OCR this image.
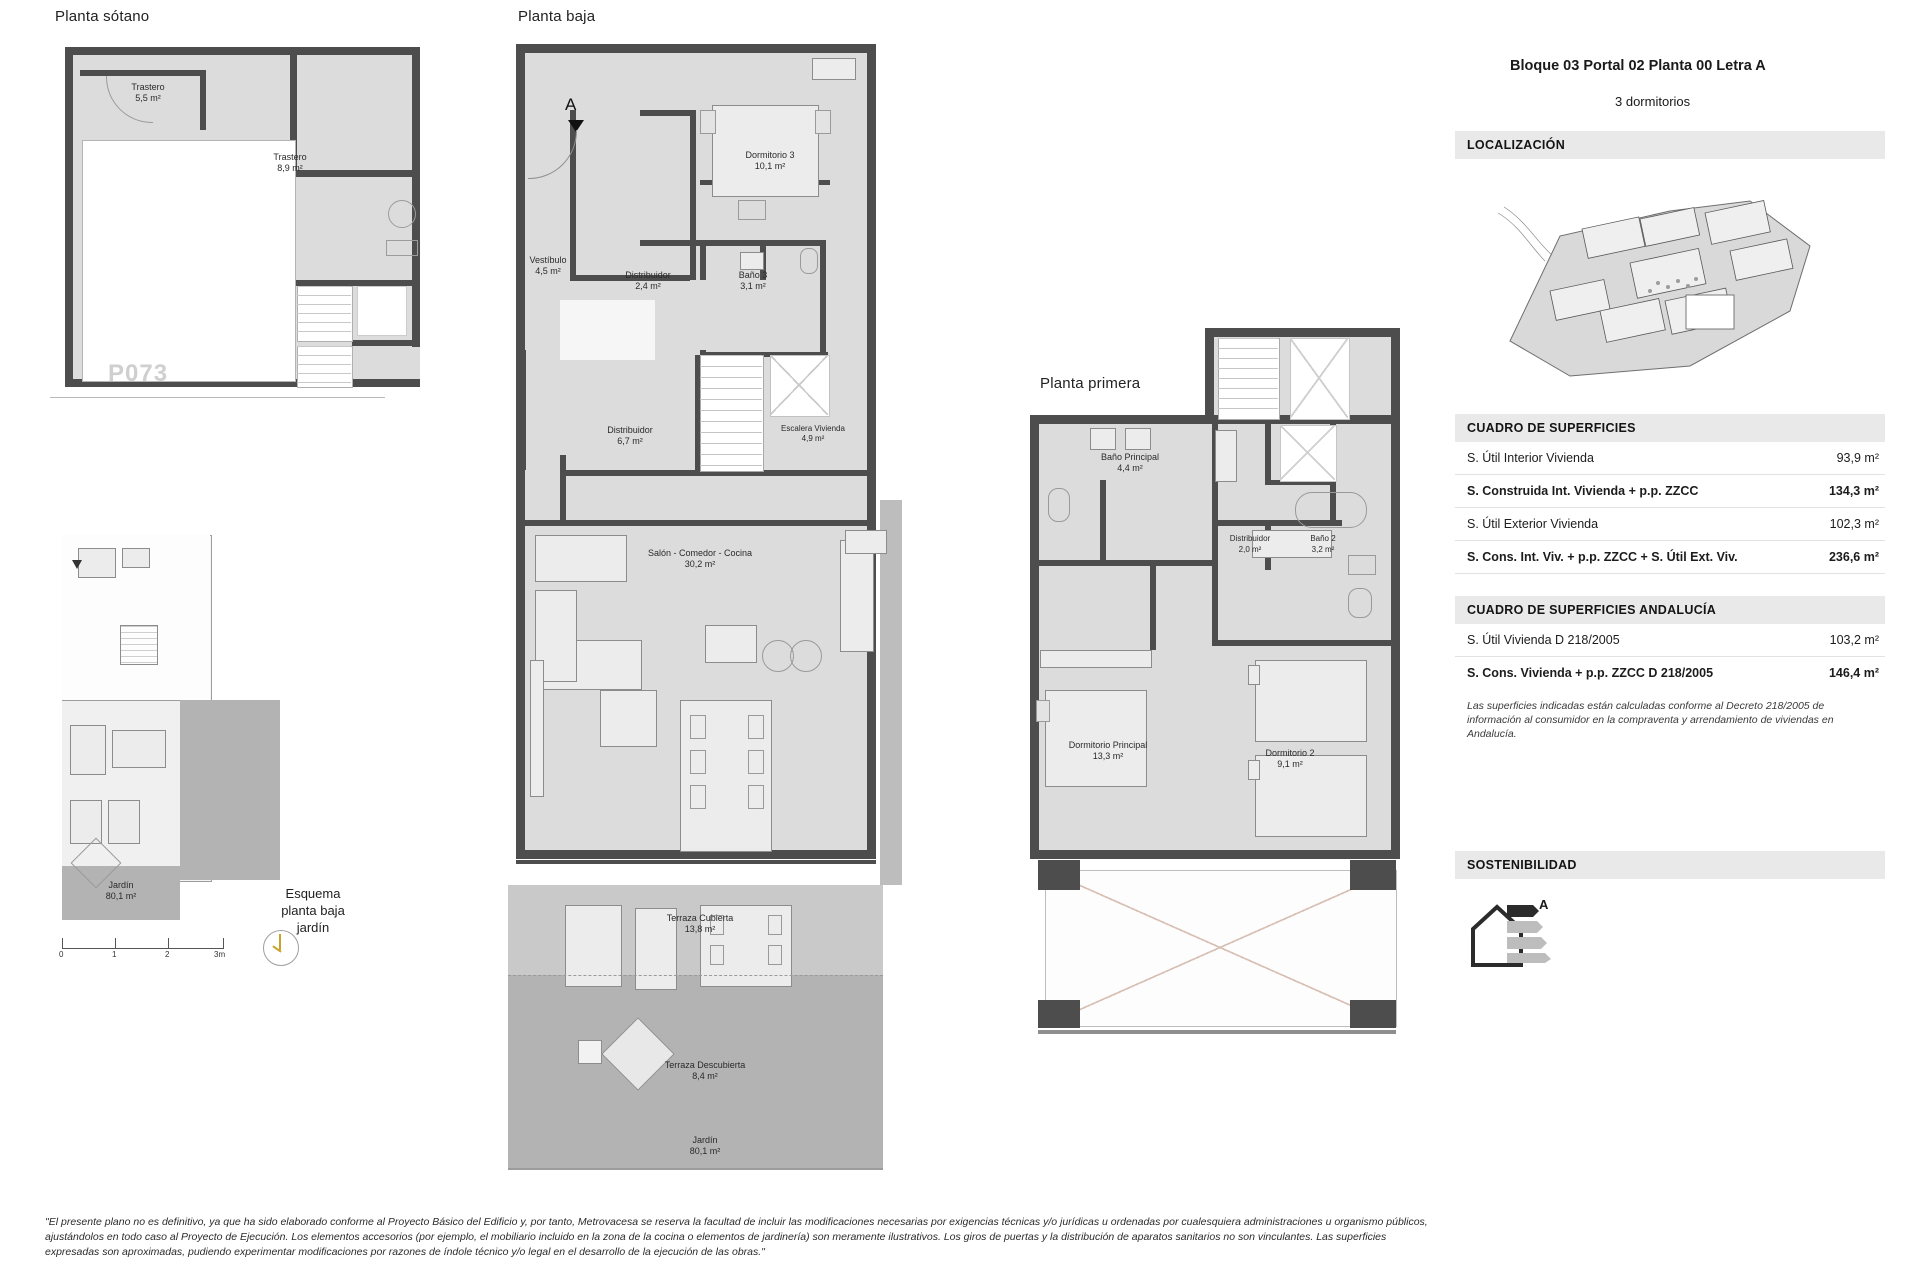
Planta sótano
P073
Trastero
5,5 m²
Trastero
8,9 m²
Jardín
80,1 m²	Esquema
planta baja
jardín
0	1	2	3m
Planta baja
A
Dormitorio 3
10,1 m²
Vestíbulo
4,5 m²	Distribuidor
2,4 m²
Baño 3
3,1 m²
Distribuidor
6,7 m²
Escalera Vivienda
4,9 m²
Salón - Comedor - Cocina
30,2 m²
Terraza Cubierta
13,8 m²
Terraza Descubierta
8,4 m²
Jardín
80,1 m²
Planta primera
Baño Principal
4,4 m²
Distribuidor
2,0 m²
Baño 2
3,2 m²
Dormitorio Principal
13,3 m²	Dormitorio 2
9,1 m²
Bloque 03 Portal 02 Planta 00 Letra A
3 dormitorios
LOCALIZACIÓN
CUADRO DE SUPERFICIES
S. Útil Interior Vivienda	93,9 m²
S. Construida Int. Vivienda + p.p. ZZCC	134,3 m²
S. Útil Exterior Vivienda	102,3 m²
S. Cons. Int. Viv. + p.p. ZZCC + S. Útil Ext. Viv.	236,6 m²
CUADRO DE SUPERFICIES ANDALUCÍA
S. Útil Vivienda D 218/2005	103,2 m²
S. Cons. Vivienda + p.p. ZZCC D 218/2005	146,4 m²
Las superficies indicadas están calculadas conforme al Decreto 218/2005 de información al consumidor en la compraventa y arrendamiento de viviendas en Andalucía.
SOSTENIBILIDAD
A
"El presente plano no es definitivo, ya que ha sido elaborado conforme al Proyecto Básico del Edificio y, por tanto, Metrovacesa se reserva la facultad de incluir las modificaciones necesarias por exigencias técnicas y/o jurídicas u ordenadas por cualesquiera administraciones u organismo públicos, ajustándolos en todo caso al Proyecto de Ejecución. Los elementos accesorios (por ejemplo, el mobiliario incluido en la zona de la cocina o elementos de jardinería) son meramente ilustrativos. Los giros de puertas y la distribución de aparatos sanitarios no son vinculantes. Las superficies expresadas son aproximadas, pudiendo experimentar modificaciones por razones de índole técnico y/o legal en el desarrollo de la ejecución de las obras."
